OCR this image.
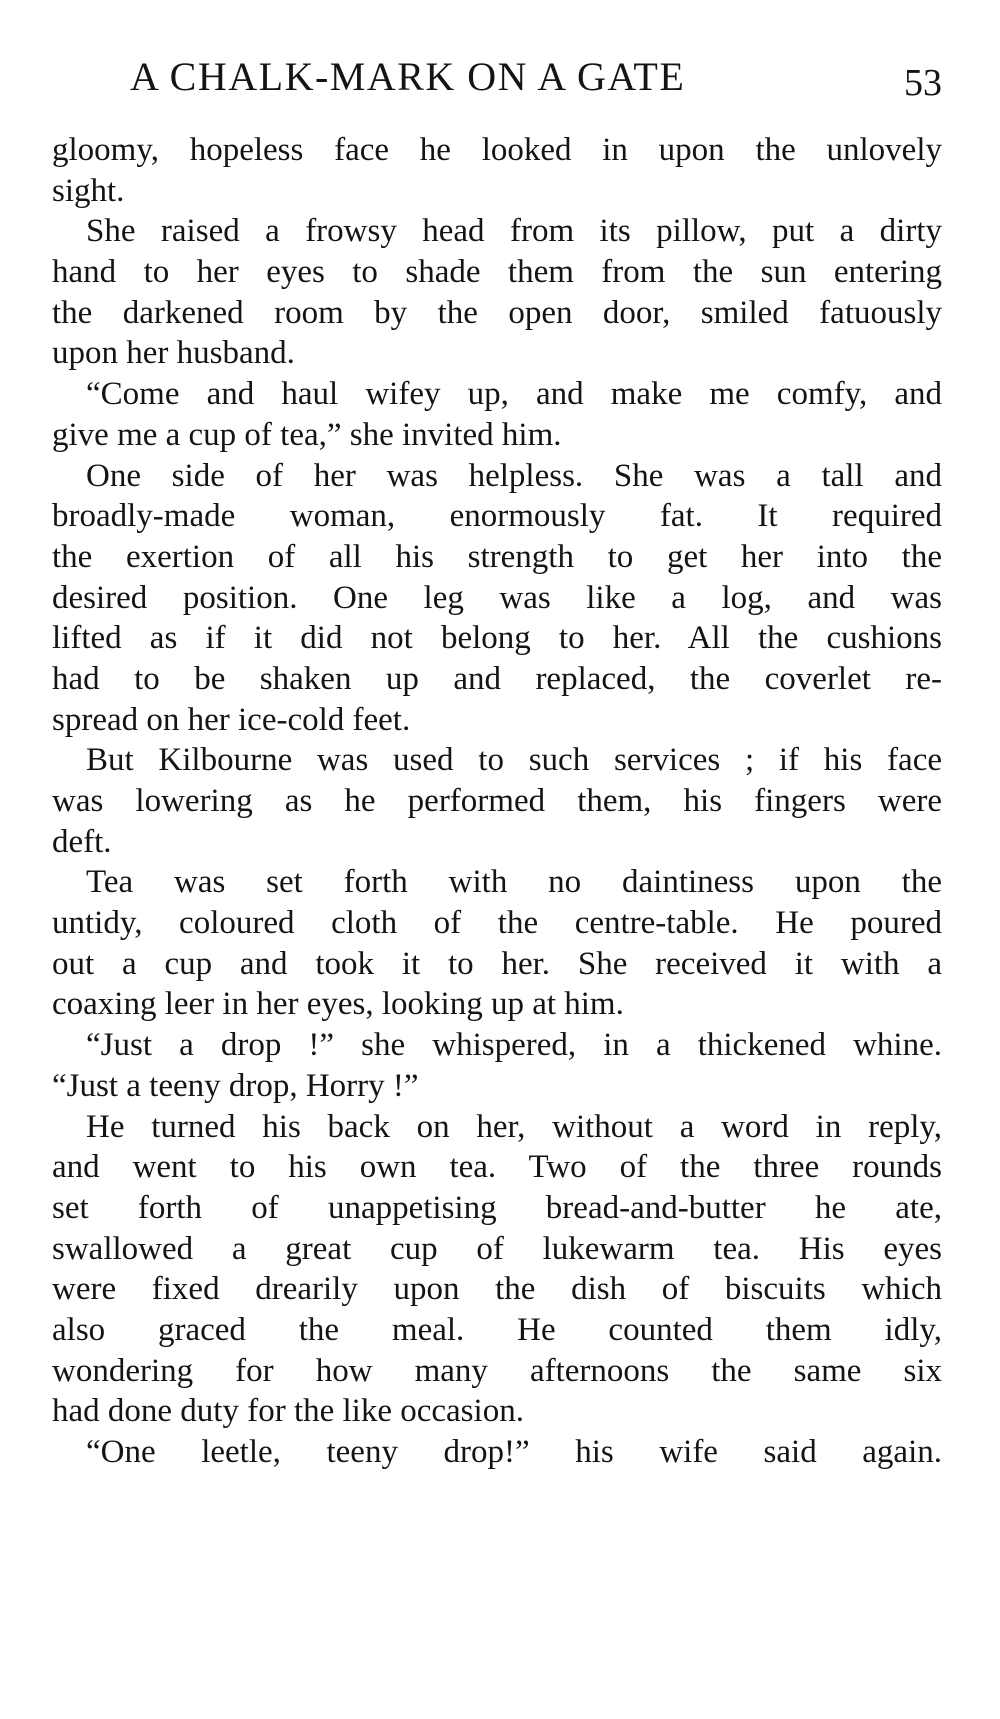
A CHALK-MARK ON A GATE	53
gloomy, hopeless face he looked in upon the unlovely
sight.
She raised a frowsy head from its pillow, put a dirty
hand to her eyes to shade them from the sun entering
the darkened room by the open door, smiled fatuously
upon her husband.
“Come and haul wifey up, and make me comfy, and
give me a cup of tea,” she invited him.
One side of her was helpless. She was a tall and
broadly-made woman, enormously fat. It required
the exertion of all his strength to get her into the
desired position. One leg was like a log, and was
lifted as if it did not belong to her. All the cushions
had to be shaken up and replaced, the coverlet re-
spread on her ice-cold feet.
But Kilbourne was used to such services ; if his face
was lowering as he performed them, his fingers were
deft.
Tea was set forth with no daintiness upon the
untidy, coloured cloth of the centre-table. He poured
out a cup and took it to her. She received it with a
coaxing leer in her eyes, looking up at him.
“Just a drop !” she whispered, in a thickened whine.
“Just a teeny drop, Horry !”
He turned his back on her, without a word in reply,
and went to his own tea. Two of the three rounds
set forth of unappetising bread-and-butter he ate,
swallowed a great cup of lukewarm tea. His eyes
were fixed drearily upon the dish of biscuits which
also graced the meal. He counted them idly,
wondering for how many afternoons the same six
had done duty for the like occasion.
“One leetle, teeny drop!” his wife said again.
